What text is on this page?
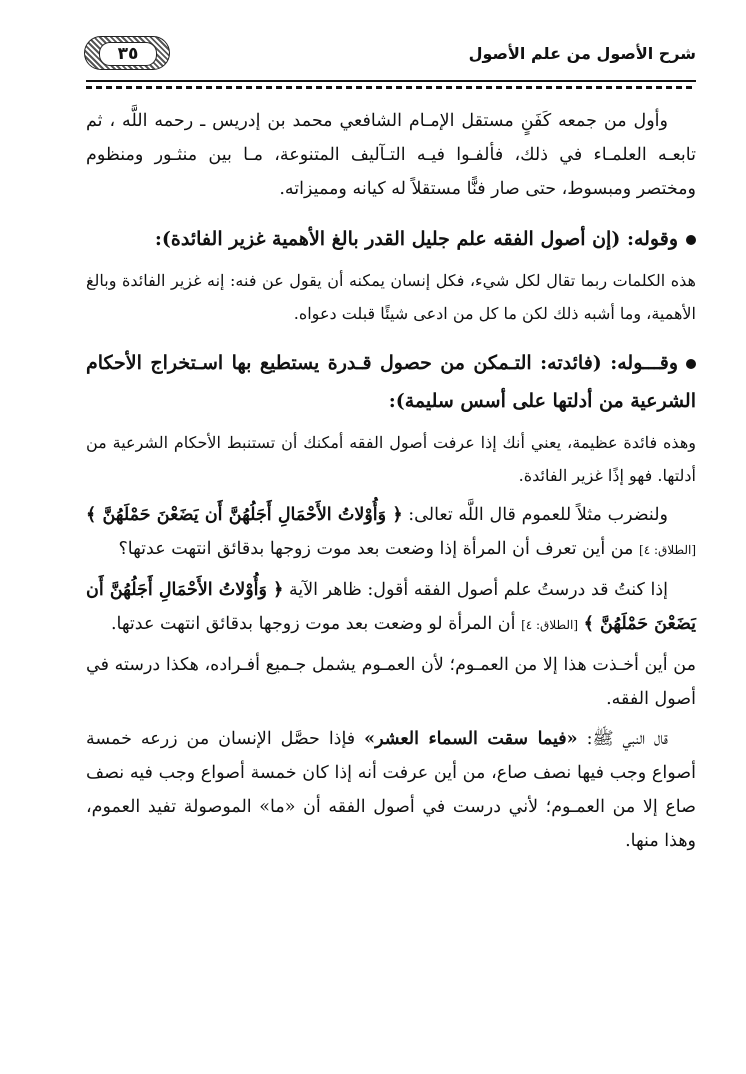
٣٥	شرح الأصول من علم الأصول

وأول من جمعه كَفَنٍ مستقل الإمـام الشافعي محمد بن إدريس ـ رحمه اللَّه ، ثم تابعـه العلمـاء في ذلك، فألفـوا فيـه التـآليف المتنوعة، مـا بين منثـور ومنظوم ومختصر ومبسوط، حتى صار فنًّا مستقلاً له كيانه ومميزاته.

وقوله: (إن أصول الفقه علم جليل القدر بالغ الأهمية غزير الفائدة):

هذه الكلمات ربما تقال لكل شيء، فكل إنسان يمكنه أن يقول عن فنه: إنه غزير الفائدة وبالغ الأهمية، وما أشبه ذلك لكن ما كل من ادعى شيئًا قبلت دعواه.

وقـــوله: (فائدته: التـمكن من حصول قـدرة يستطيع بها اسـتخراج الأحكام الشرعية من أدلتها على أسس سليمة):

وهذه فائدة عظيمة، يعني أنك إذا عرفت أصول الفقه أمكنك أن تستنبط الأحكام الشرعية من أدلتها. فهو إذًا غزير الفائدة.

ولنضرب مثلاً للعموم قال اللَّه تعالى: ﴿ وَأُوْلاتُ الأَحْمَالِ أَجَلُهُنَّ أَن يَضَعْنَ حَمْلَهُنَّ ﴾ [الطلاق: ٤] من أين تعرف أن المرأة إذا وضعت بعد موت زوجها بدقائق انتهت عدتها؟

إذا كنتُ قد درستُ علم أصول الفقه أقول: ظاهر الآية ﴿ وَأُوْلاتُ الأَحْمَالِ أَجَلُهُنَّ أَن يَضَعْنَ حَمْلَهُنَّ ﴾ [الطلاق: ٤] أن المرأة لو وضعت بعد موت زوجها بدقائق انتهت عدتها.

من أين أخـذت هذا إلا من العمـوم؛ لأن العمـوم يشمل جـميع أفـراده، هكذا درسته في أصول الفقه.

قال النبي ﷺ: «فيما سقت السماء العشر» فإذا حصَّل الإنسان من زرعه خمسة أصواع وجب فيها نصف صاع، من أين عرفت أنه إذا كان خمسة أصواع وجب فيه نصف صاع إلا من العمـوم؛ لأني درست في أصول الفقه أن «ما» الموصولة تفيد العموم، وهذا منها.
